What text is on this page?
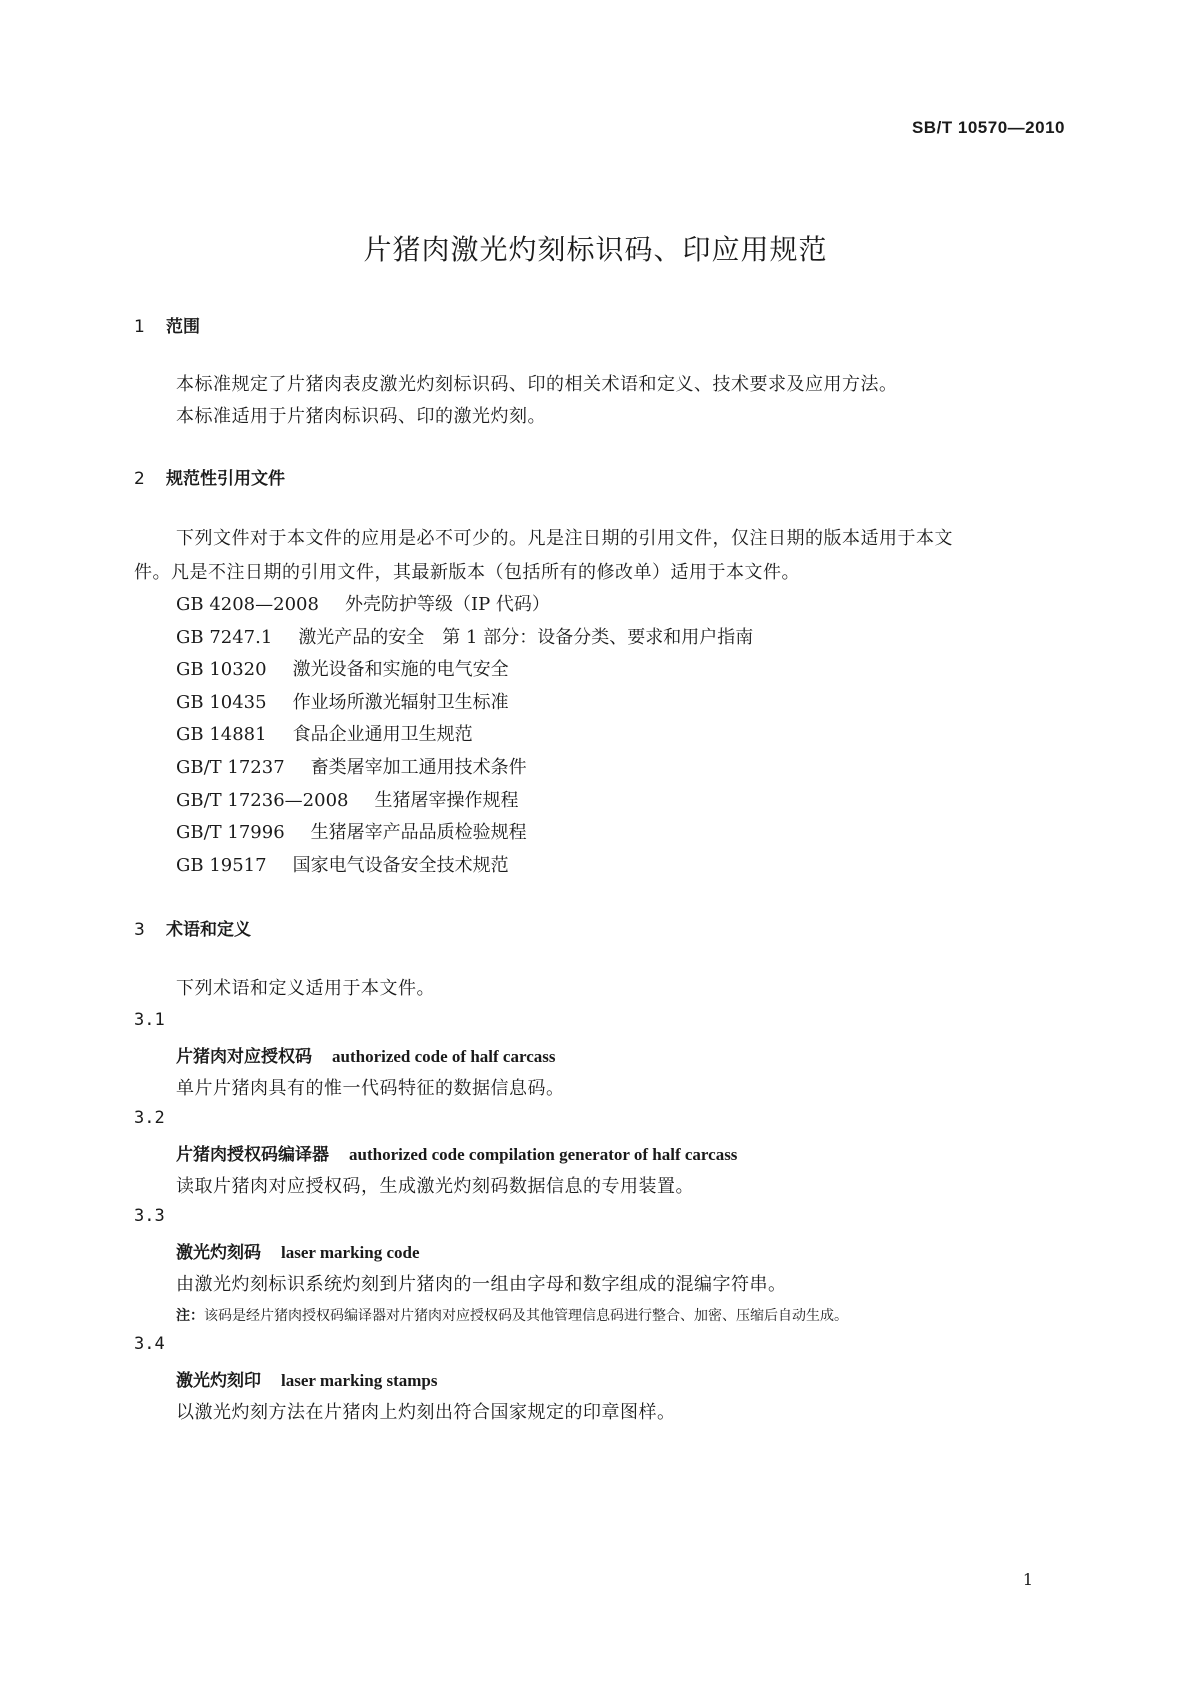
SB/T 10570—2010
片猪肉激光灼刻标识码、印应用规范
1 范围
本标准规定了片猪肉表皮激光灼刻标识码、印的相关术语和定义、技术要求及应用方法。
本标准适用于片猪肉标识码、印的激光灼刻。
2 规范性引用文件
下列文件对于本文件的应用是必不可少的。凡是注日期的引用文件，仅注日期的版本适用于本文
件。凡是不注日期的引用文件，其最新版本（包括所有的修改单）适用于本文件。
GB 4208—2008 外壳防护等级（IP 代码）
GB 7247.1 激光产品的安全　第 1 部分：设备分类、要求和用户指南
GB 10320 激光设备和实施的电气安全
GB 10435 作业场所激光辐射卫生标准
GB 14881 食品企业通用卫生规范
GB/T 17237 畜类屠宰加工通用技术条件
GB/T 17236—2008 生猪屠宰操作规程
GB/T 17996 生猪屠宰产品品质检验规程
GB 19517 国家电气设备安全技术规范
3 术语和定义
下列术语和定义适用于本文件。
3.1
片猪肉对应授权码 authorized code of half carcass
单片片猪肉具有的惟一代码特征的数据信息码。
3.2
片猪肉授权码编译器 authorized code compilation generator of half carcass
读取片猪肉对应授权码，生成激光灼刻码数据信息的专用装置。
3.3
激光灼刻码 laser marking code
由激光灼刻标识系统灼刻到片猪肉的一组由字母和数字组成的混编字符串。
注：该码是经片猪肉授权码编译器对片猪肉对应授权码及其他管理信息码进行整合、加密、压缩后自动生成。
3.4
激光灼刻印 laser marking stamps
以激光灼刻方法在片猪肉上灼刻出符合国家规定的印章图样。
1
